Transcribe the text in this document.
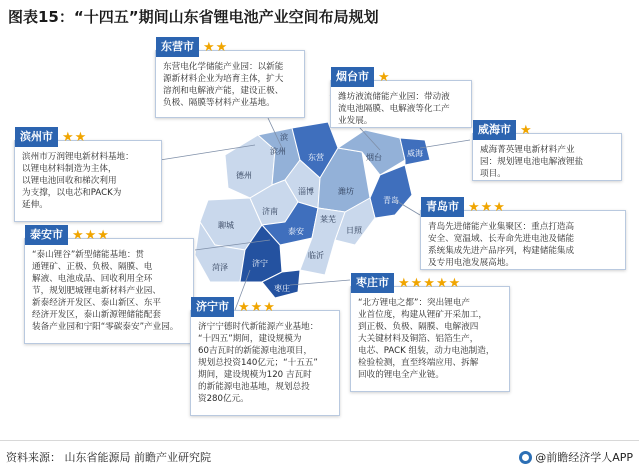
图表15：“十四五”期间山东省锂电池产业空间布局规划
滨州
东营	烟台	威海
德州
淄博	潍坊
青岛
聊城
济南
泰安	日照
济宁
临沂
菏泽
枣庄
莱芜
滨
东营市 ★★
东营电化学储能产业园：以新能
源新材料企业为培育主体，扩大
溶剂和电解液产能，建设正极、
负极、隔膜等材料产业基地。
烟台市 ★
潍坊液流储能产业园：带动液
流电池隔膜、电解液等化工产
业发展。
滨州市 ★★
滨州市万润锂电新材料基地：
以锂电材料制造为主体，
以锂电池回收和梯次利用
为支撑，以电芯和PACK为
延伸。
威海市 ★
威海菁英锂电新材料产业
园：规划锂电池电解液锂盐
项目。
青岛市 ★★★
青岛先进储能产业集聚区：重点打造高
安全、宽温域、长寿命先进电池及储能
系统集成先进产品序列，构建储能集成
及专用电池发展高地。
泰安市 ★★★
“泰山锂谷”新型储能基地：贯
通锂矿、正极、负极、隔膜、电
解液、电池成品、回收利用全环
节，规划肥城锂电新材料产业园、
新泰经济开发区、泰山新区、东平
经济开发区，泰山新源锂储能配套
装备产业园和宁阳“零碳泰安”产业园。
枣庄市 ★★★★★
“北方锂电之都”：突出锂电产
业首位度，构建从锂矿开采加工，
到正极、负极、隔膜、电解液四
大关键材料及铜箔、铝箔生产，
电芯、PACK 组装，动力电池制造，
检验检测，直至终端应用、拆解
回收的锂电全产业链。
济宁市 ★★★
济宁宁德时代新能源产业基地：
“十四五”期间，建设规模为
60吉瓦时的新能源电池项目，
规划总投资140亿元；“十五五”
期间，建设规模为120 吉瓦时
的新能源电池基地，规划总投
资280亿元。
资料来源： 山东省能源局 前瞻产业研究院	@前瞻经济学人APP
